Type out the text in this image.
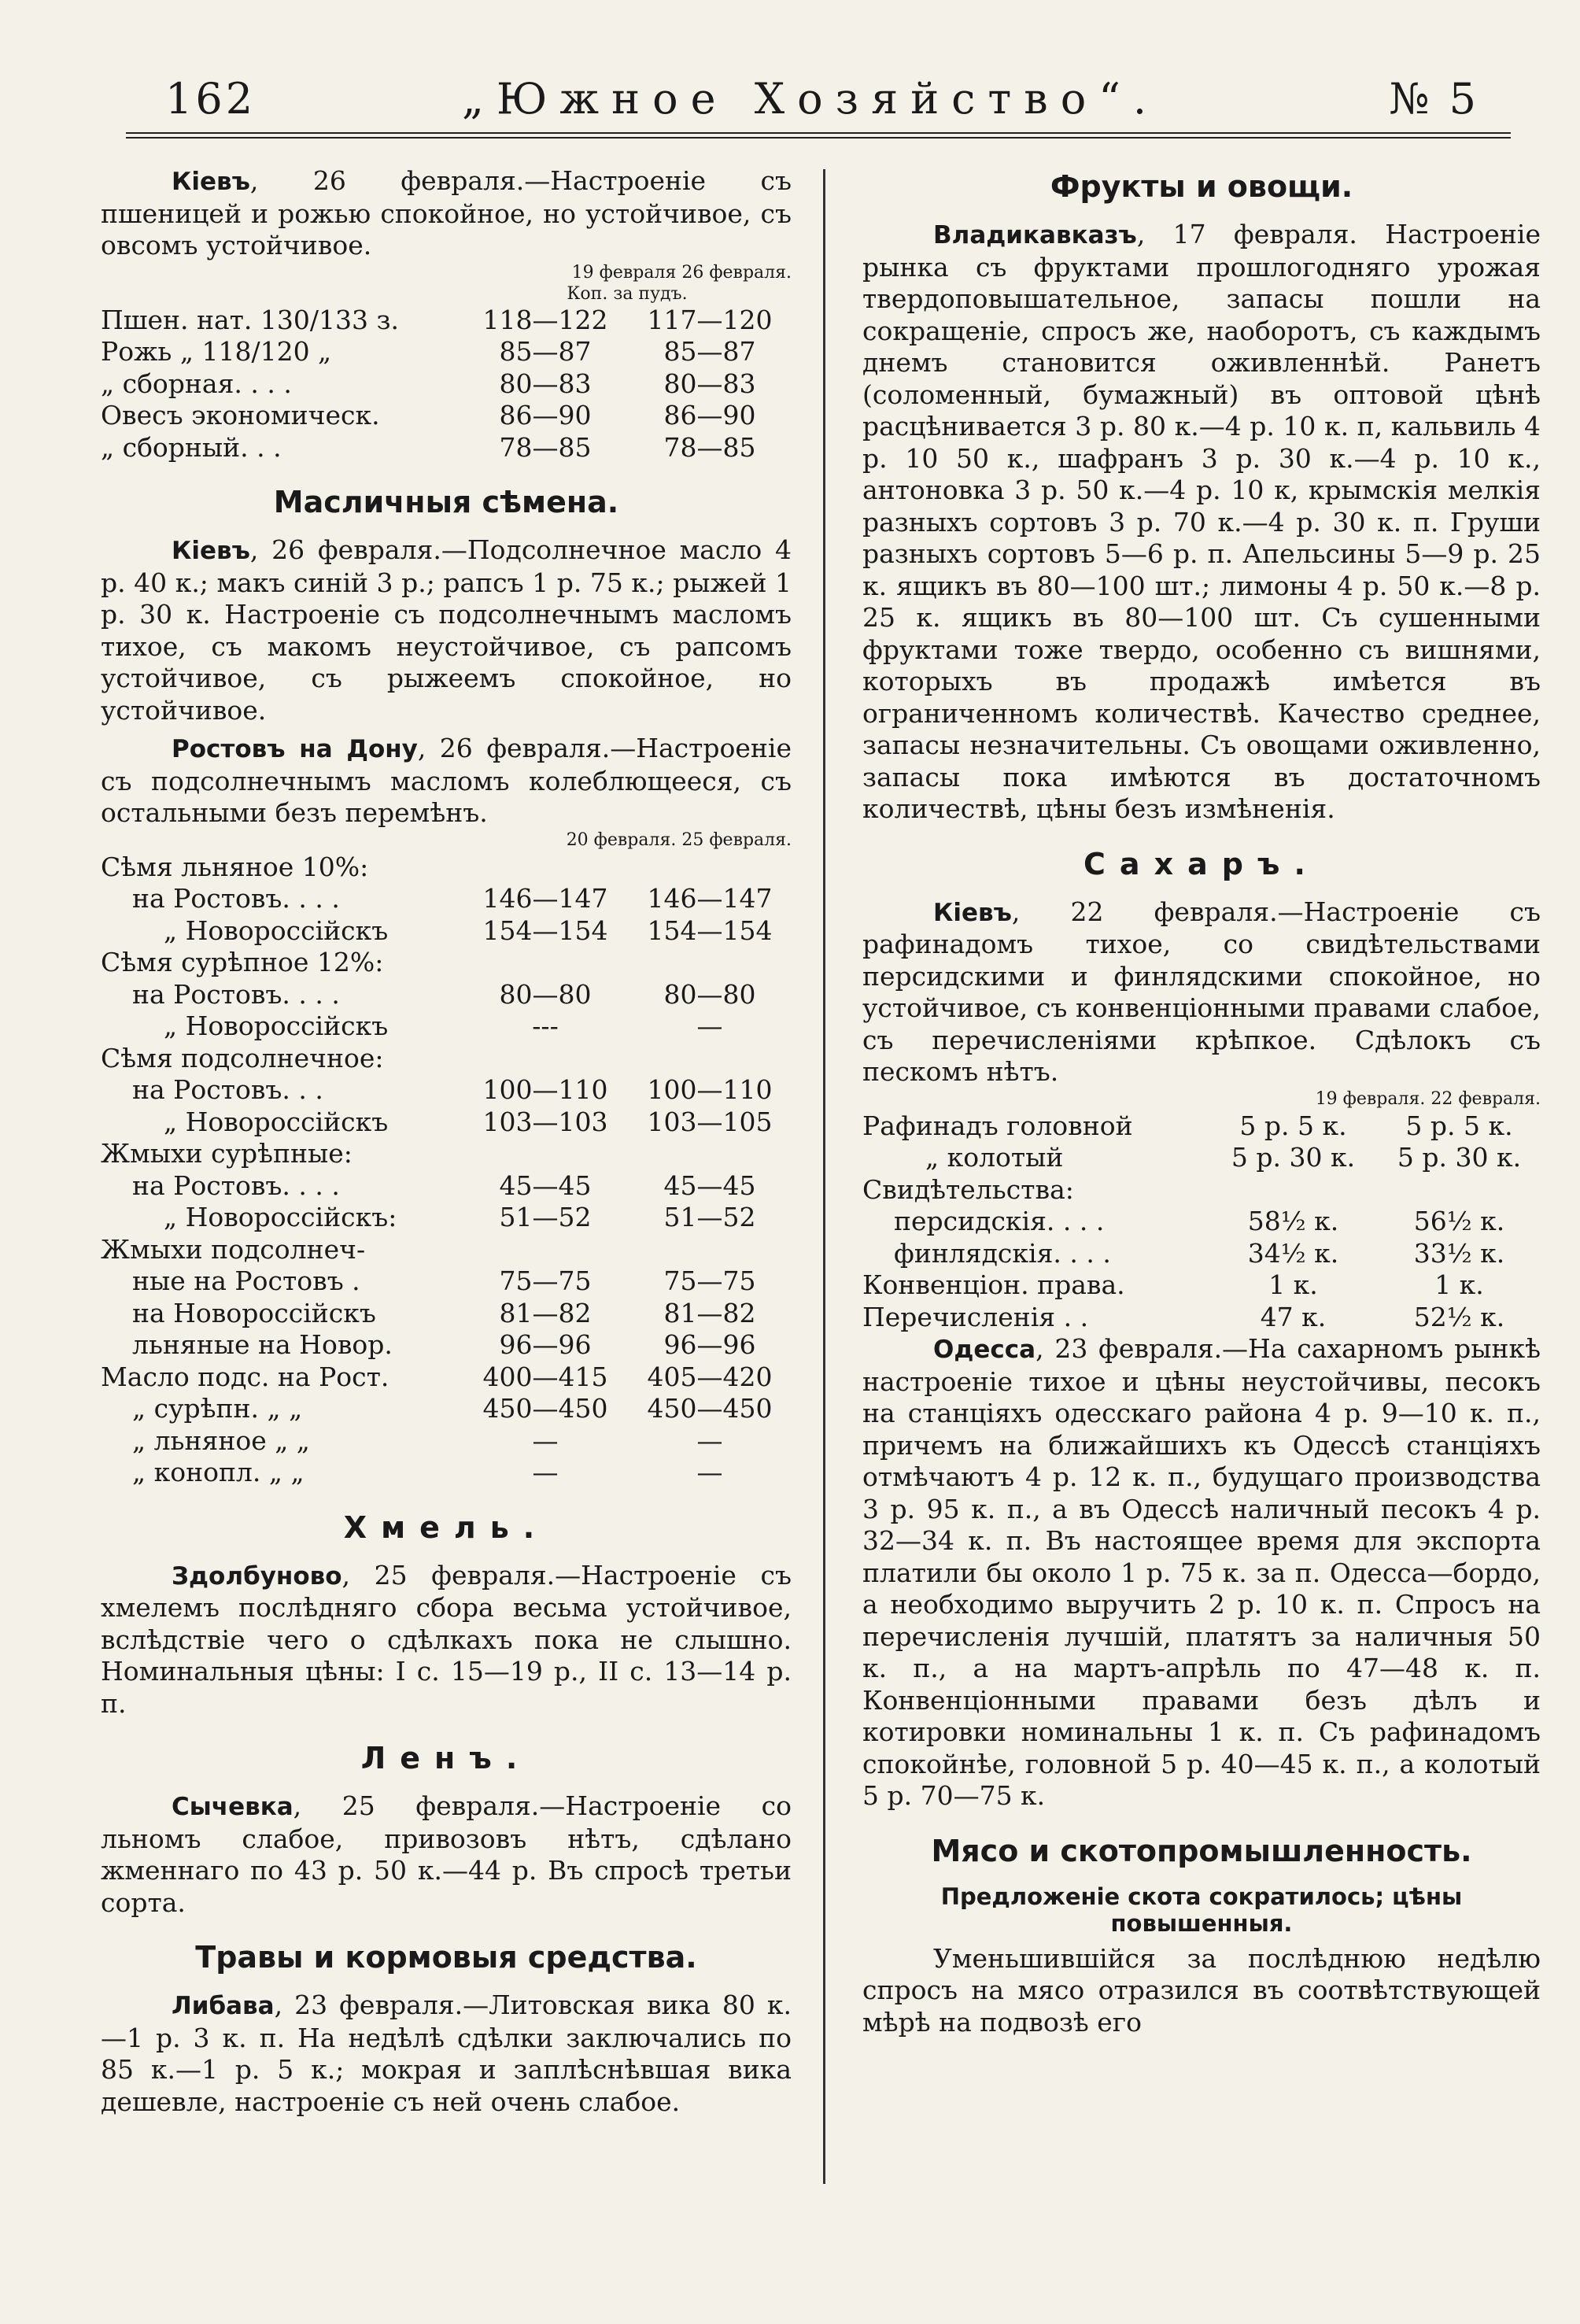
162	„Южное Хозяйство“.	№ 5

Кіевъ, 26 февраля.—Настроеніе съ пшеницей и рожью спокойное, но устойчивое, съ овсомъ устойчивое.

19 февраля 26 февраля.		
	Коп. за пудъ.	
Пшен. нат. 130/133 з.	118—122	117—120
Рожь „ 118/120 „	85—87	85—87
„ сборная. . . .	80—83	80—83
Овесъ экономическ.	86—90	86—90
„ сборный. . .	78—85	78—85
Масличныя сѣмена.

Кіевъ, 26 февраля.—Подсолнечное масло 4 р. 40 к.; макъ синій 3 р.; рапсъ 1 р. 75 к.; рыжей 1 р. 30 к. Настроеніе съ подсолнечнымъ масломъ тихое, съ макомъ неустойчивое, съ рапсомъ устойчивое, съ рыжеемъ спокойное, но устойчивое.

Ростовъ на Дону, 26 февраля.—Настроеніе съ подсолнечнымъ масломъ колеблющееся, съ остальными безъ перемѣнъ.

20 февраля. 25 февраля.		
Сѣмя льняное 10%:		
на Ростовъ. . . .	146—147	146—147
„ Новороссійскъ	154—154	154—154
Сѣмя сурѣпное 12%:		
на Ростовъ. . . .	80—80	80—80
„ Новороссійскъ	---	—
Сѣмя подсолнечное:		
на Ростовъ. . .	100—110	100—110
„ Новороссійскъ	103—103	103—105
Жмыхи сурѣпные:		
на Ростовъ. . . .	45—45	45—45
„ Новороссійскъ:	51—52	51—52
Жмыхи подсолнеч-		
ные на Ростовъ .	75—75	75—75
на Новороссійскъ	81—82	81—82
льняные на Новор.	96—96	96—96
Масло подс. на Рост.	400—415	405—420
„ сурѣпн. „ „	450—450	450—450
„ льняное „ „	—	—
„ конопл. „ „	—	—
Хмель.

Здолбуново, 25 февраля.—Настроеніе съ хмелемъ послѣдняго сбора весьма устойчивое, вслѣдствіе чего о сдѣлкахъ пока не слышно. Номинальныя цѣны: I с. 15—19 р., II с. 13—14 р. п.

Ленъ.

Сычевка, 25 февраля.—Настроеніе со льномъ слабое, привозовъ нѣтъ, сдѣлано жменнаго по 43 р. 50 к.—44 р. Въ спросѣ третьи сорта.

Травы и кормовыя средства.

Либава, 23 февраля.—Литовская вика 80 к.—1 р. 3 к. п. На недѣлѣ сдѣлки заключались по 85 к.—1 р. 5 к.; мокрая и заплѣснѣвшая вика дешевле, настроеніе съ ней очень слабое.

Фрукты и овощи.

Владикавказъ, 17 февраля. Настроеніе рынка съ фруктами прошлогодняго урожая твердоповышательное, запасы пошли на сокращеніе, спросъ же, наоборотъ, съ каждымъ днемъ становится оживленнѣй. Ранетъ (соломенный, бумажный) въ оптовой цѣнѣ расцѣнивается 3 р. 80 к.—4 р. 10 к. п, кальвиль 4 р. 10 50 к., шафранъ 3 р. 30 к.—4 р. 10 к., антоновка 3 р. 50 к.—4 р. 10 к, крымскія мелкія разныхъ сортовъ 3 р. 70 к.—4 р. 30 к. п. Груши разныхъ сортовъ 5—6 р. п. Апельсины 5—9 р. 25 к. ящикъ въ 80—100 шт.; лимоны 4 р. 50 к.—8 р. 25 к. ящикъ въ 80—100 шт. Съ сушенными фруктами тоже твердо, особенно съ вишнями, которыхъ въ продажѣ имѣется въ ограниченномъ количествѣ. Качество среднее, запасы незначительны. Съ овощами оживленно, запасы пока имѣются въ достаточномъ количествѣ, цѣны безъ измѣненія.

Сахаръ.

Кіевъ, 22 февраля.—Настроеніе съ рафинадомъ тихое, со свидѣтельствами персидскими и финлядскими спокойное, но устойчивое, съ конвенціонными правами слабое, съ перечисленіями крѣпкое. Сдѣлокъ съ пескомъ нѣтъ.

19 февраля. 22 февраля.		
Рафинадъ головной	5 р. 5 к.	5 р. 5 к.
„ колотый	5 р. 30 к.	5 р. 30 к.
Свидѣтельства:		
персидскія. . . .	58½ к.	56½ к.
финлядскія. . . .	34½ к.	33½ к.
Конвенціон. права.	1 к.	1 к.
Перечисленія . .	47 к.	52½ к.

Одесса, 23 февраля.—На сахарномъ рынкѣ настроеніе тихое и цѣны неустойчивы, песокъ на станціяхъ одесскаго района 4 р. 9—10 к. п., причемъ на ближайшихъ къ Одессѣ станціяхъ отмѣчаютъ 4 р. 12 к. п., будущаго производства 3 р. 95 к. п., а въ Одессѣ наличный песокъ 4 р. 32—34 к. п. Въ настоящее время для экспорта платили бы около 1 р. 75 к. за п. Одесса—бордо, а необходимо выручить 2 р. 10 к. п. Спросъ на перечисленія лучшій, платятъ за наличныя 50 к. п., а на мартъ-апрѣль по 47—48 к. п. Конвенціонными правами безъ дѣлъ и котировки номинальны 1 к. п. Съ рафинадомъ спокойнѣе, головной 5 р. 40—45 к. п., а колотый 5 р. 70—75 к.

Мясо и скотопромышленность.
Предложеніе скота сократилось; цѣны повышенныя.

Уменьшившійся за послѣднюю недѣлю спросъ на мясо отразился въ соотвѣтствующей мѣрѣ на подвозѣ его
